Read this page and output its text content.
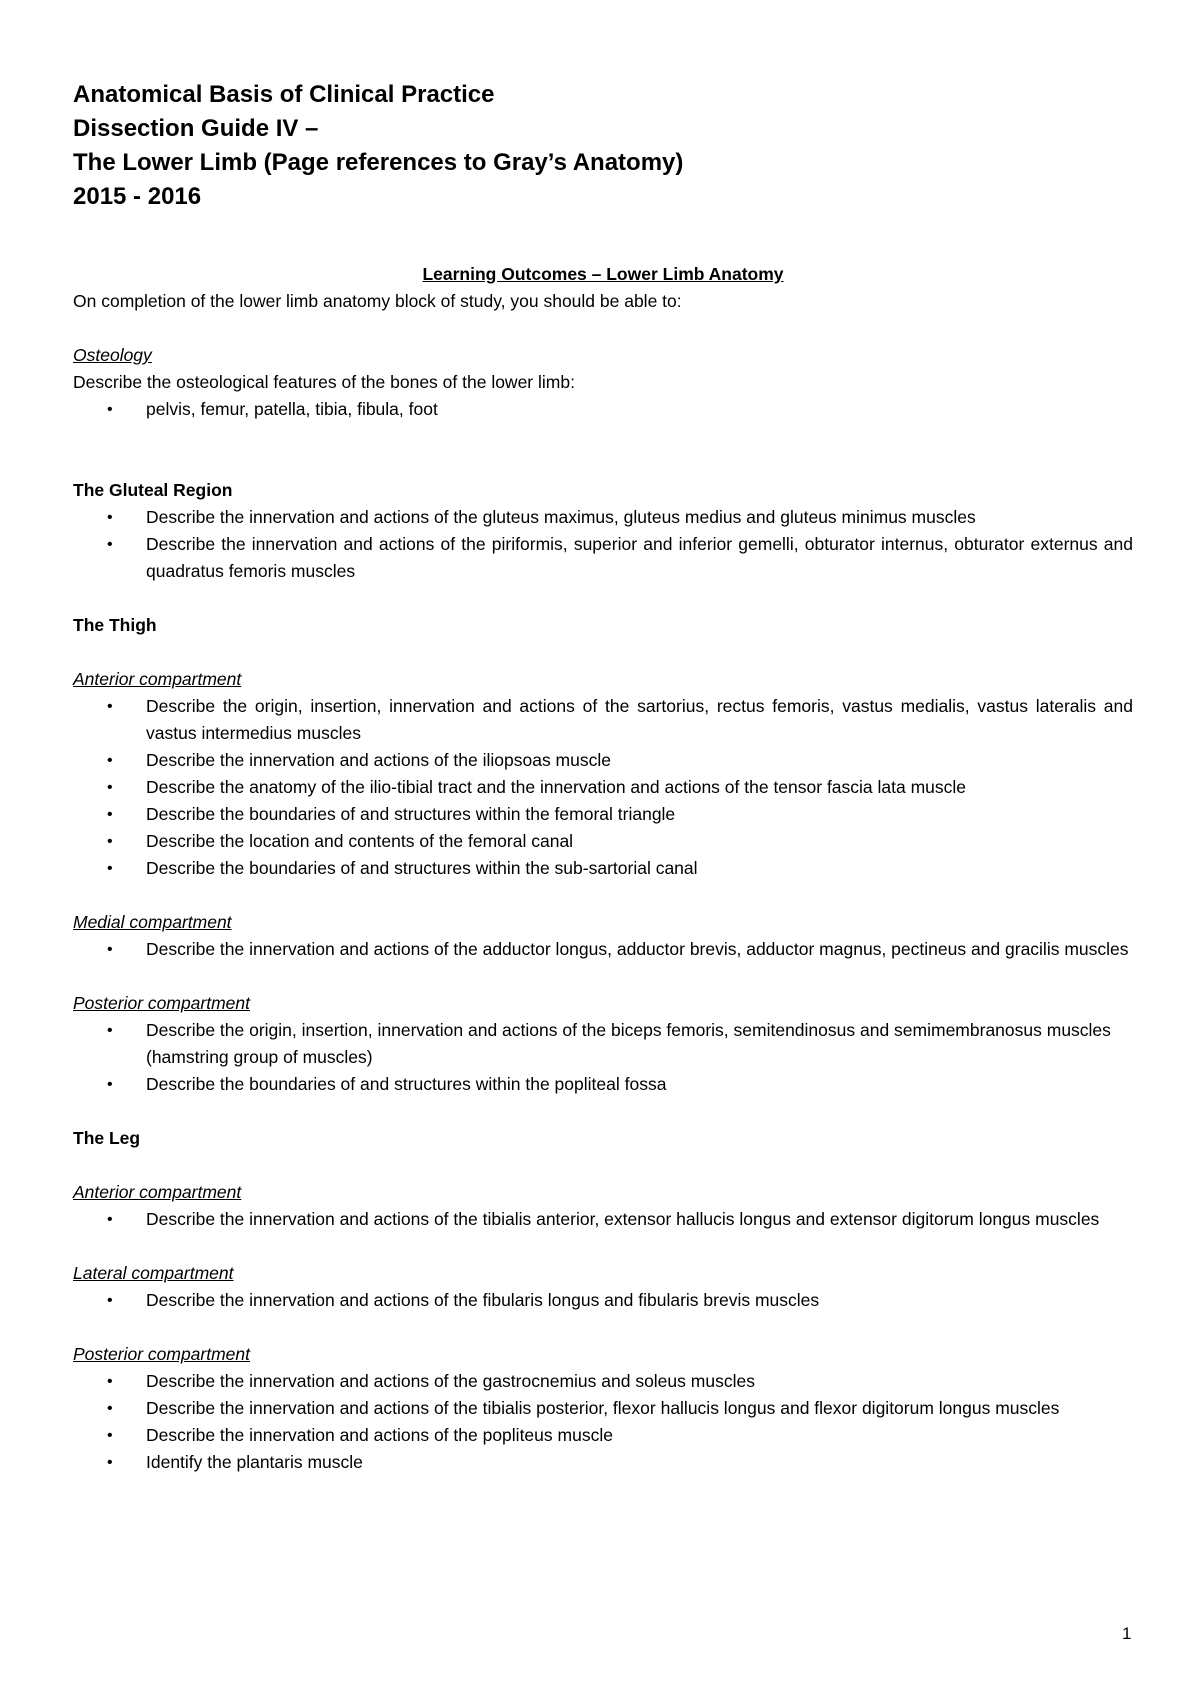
Anatomical Basis of Clinical Practice
Dissection Guide IV –
The Lower Limb (Page references to Gray’s Anatomy)
2015 - 2016
Learning Outcomes – Lower Limb Anatomy
On completion of the lower limb anatomy block of study, you should be able to:
Osteology
Describe the osteological features of the bones of the lower limb:
• pelvis, femur, patella, tibia, fibula, foot
The Gluteal Region
• Describe the innervation and actions of the gluteus maximus, gluteus medius and gluteus minimus muscles
• Describe the innervation and actions of the piriformis, superior and inferior gemelli, obturator internus, obturator externus and quadratus femoris muscles
The Thigh
Anterior compartment
• Describe the origin, insertion, innervation and actions of the sartorius, rectus femoris, vastus medialis, vastus lateralis and vastus intermedius muscles
• Describe the innervation and actions of the iliopsoas muscle
• Describe the anatomy of the ilio-tibial tract and the innervation and actions of the tensor fascia lata muscle
• Describe the boundaries of and structures within the femoral triangle
• Describe the location and contents of the femoral canal
• Describe the boundaries of and structures within the sub-sartorial canal
Medial compartment
• Describe the innervation and actions of the adductor longus, adductor brevis, adductor magnus, pectineus and gracilis muscles
Posterior compartment
• Describe the origin, insertion, innervation and actions of the biceps femoris, semitendinosus and semimembranosus muscles (hamstring group of muscles)
• Describe the boundaries of and structures within the popliteal fossa
The Leg
Anterior compartment
• Describe the innervation and actions of the tibialis anterior, extensor hallucis longus and extensor digitorum longus muscles
Lateral compartment
• Describe the innervation and actions of the fibularis longus and fibularis brevis muscles
Posterior compartment
• Describe the innervation and actions of the gastrocnemius and soleus muscles
• Describe the innervation and actions of the tibialis posterior, flexor hallucis longus and flexor digitorum longus muscles
• Describe the innervation and actions of the popliteus muscle
• Identify the plantaris muscle
1
